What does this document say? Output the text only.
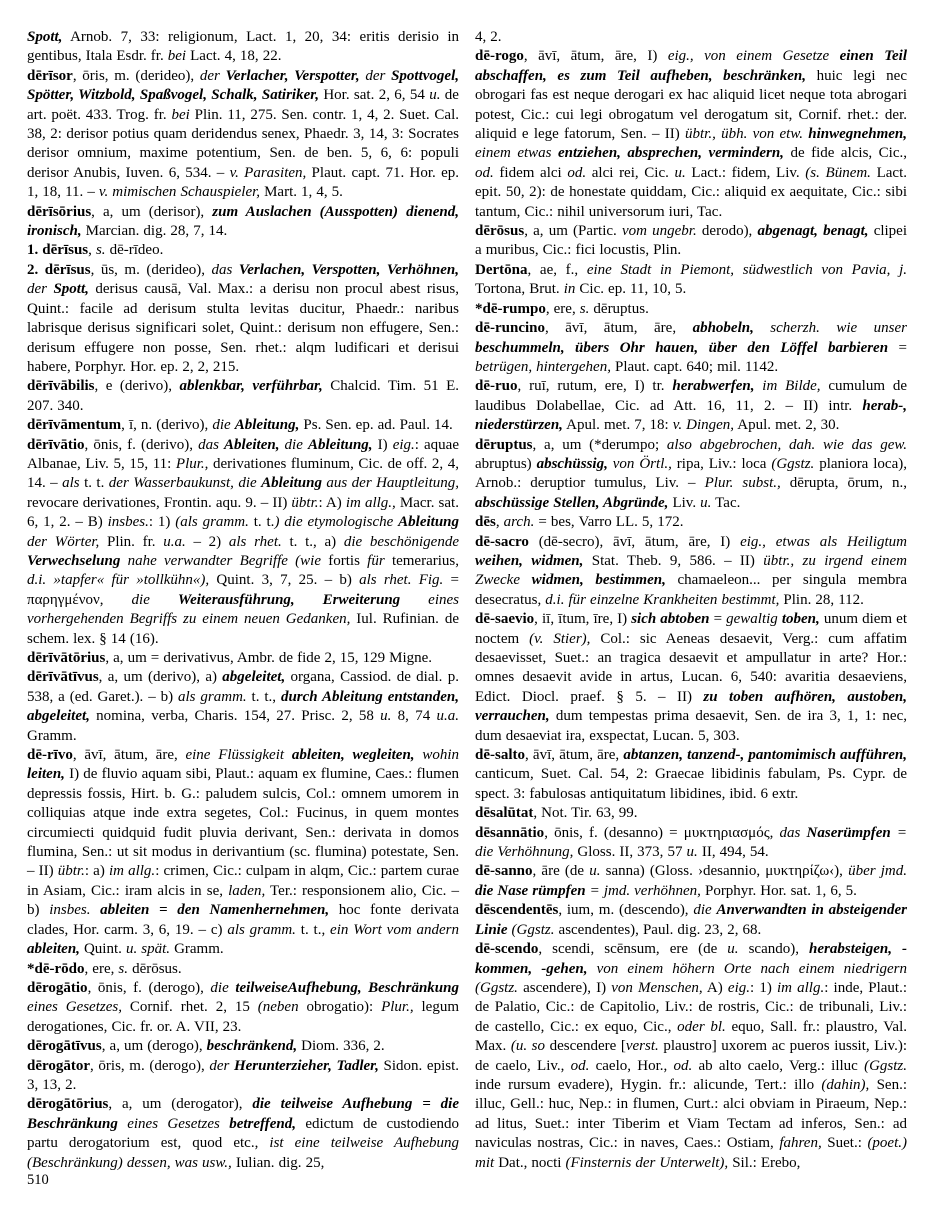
Spott, Arnob. 7, 33: religionum, Lact. 1, 20, 34: eritis derisio in gentibus, Itala Esdr. fr. bei Lact. 4, 18, 22.

dērīsor, ōris, m. (derideo), der Verlacher, Verspotter, der Spottvogel, Spötter, Witzbold, Spaßvogel, Schalk, Satiriker, Hor. sat. 2, 6, 54 u. de art. poët. 433. Trog. fr. bei Plin. 11, 275. Sen. contr. 1, 4, 2. Suet. Cal. 38, 2: derisor potius quam deridendus senex, Phaedr. 3, 14, 3: Socrates derisor omnium, maxime potentium, Sen. de ben. 5, 6, 6: populi derisor Anubis, Iuven. 6, 534. – v. Parasiten, Plaut. capt. 71. Hor. ep. 1, 18, 11. – v. mimischen Schauspieler, Mart. 1, 4, 5.

dērīsōrius, a, um (derisor), zum Auslachen (Ausspotten) dienend, ironisch, Marcian. dig. 28, 7, 14.

1. dērīsus, s. dē-rīdeo.

2. dērīsus, ūs, m. (derideo), das Verlachen, Verspotten, Verhöhnen, der Spott, derisus causā, Val. Max.: a derisu non procul abest risus, Quint.: facile ad derisum stulta levitas ducitur, Phaedr.: naribus labrisque derisus significari solet, Quint.: derisum non effugere, Sen.: derisum effugere non posse, Sen. rhet.: alqm ludificari et derisui habere, Porphyr. Hor. ep. 2, 2, 215.

dērīvābilis, e (derivo), ablenkbar, verführbar, Chalcid. Tim. 51 E. 207. 340.

dērīvāmentum, ī, n. (derivo), die Ableitung, Ps. Sen. ep. ad. Paul. 14.

dērīvātio, ōnis, f. (derivo), das Ableiten, die Ableitung, I) eig.: aquae Albanae, Liv. 5, 15, 11: Plur., derivationes fluminum, Cic. de off. 2, 4, 14. – als t. t. der Wasserbaukunst, die Ableitung aus der Hauptleitung, revocare derivationes, Frontin. aqu. 9. – II) übtr.: A) im allg., Macr. sat. 6, 1, 2. – B) insbes.: 1) (als gramm. t. t.) die etymologische Ableitung der Wörter, Plin. fr. u.a. – 2) als rhet. t. t., a) die beschönigende Verwechselung nahe verwandter Begriffe (wie fortis für temerarius, d.i. »tapfer« für »tollkühn«), Quint. 3, 7, 25. – b) als rhet. Fig. = παρηγμένον, die Weiterausführung, Erweiterung eines vorhergehenden Begriffs zu einem neuen Gedanken, Iul. Rufinian. de schem. lex. § 14 (16).

dērīvātōrius, a, um = derivativus, Ambr. de fide 2, 15, 129 Migne.

dērīvātīvus, a, um (derivo), a) abgeleitet, organa, Cassiod. de dial. p. 538, a (ed. Garet.). – b) als gramm. t. t., durch Ableitung entstanden, abgeleitet, nomina, verba, Charis. 154, 27. Prisc. 2, 58 u. 8, 74 u.a. Gramm.

dē-rīvo, āvī, ātum, āre, eine Flüssigkeit ableiten, wegleiten, wohin leiten, I) de fluvio aquam sibi, Plaut.: aquam ex flumine, Caes.: flumen depressis fossis, Hirt. b. G.: paludem sulcis, Col.: omnem umorem in colliquias atque inde extra segetes, Col.: Fucinus, in quem montes circumiecti quidquid fudit pluvia derivant, Sen.: derivata in domos flumina, Sen.: ut sit modus in derivantium (sc. flumina) potestate, Sen. – II) übtr.: a) im allg.: crimen, Cic.: culpam in alqm, Cic.: partem curae in Asiam, Cic.: iram alcis in se, laden, Ter.: responsionem alio, Cic. – b) insbes. ableiten = den Namenhernehmen, hoc fonte derivata clades, Hor. carm. 3, 6, 19. – c) als gramm. t. t., ein Wort vom andern ableiten, Quint. u. spät. Gramm.

*dē-rōdo, ere, s. dērōsus.

dērogātio, ōnis, f. (derogo), die teilweiseAufhebung, Beschränkung eines Gesetzes, Cornif. rhet. 2, 15 (neben obrogatio): Plur., legum derogationes, Cic. fr. or. A. VII, 23.

dērogātīvus, a, um (derogo), beschränkend, Diom. 336, 2.

dērogātor, ōris, m. (derogo), der Herunterzieher, Tadler, Sidon. epist. 3, 13, 2.

dērogātōrius, a, um (derogator), die teilweise Aufhebung = die Beschränkung eines Gesetzes betreffend, edictum de custodiendo partu derogatorium est, quod etc., ist eine teilweise Aufhebung (Beschränkung) dessen, was usw., Iulian. dig. 25,

4, 2.

dē-rogo, āvī, ātum, āre, I) eig., von einem Gesetze einen Teil abschaffen, es zum Teil aufheben, beschränken, huic legi nec obrogari fas est neque derogari ex hac aliquid licet neque tota abrogari potest, Cic.: cui legi obrogatum vel derogatum sit, Cornif. rhet.: der. aliquid e lege fatorum, Sen. – II) übtr., übh. von etw. hinwegnehmen, einem etwas entziehen, absprechen, vermindern, de fide alcis, Cic., od. fidem alci od. alci rei, Cic. u. Lact.: fidem, Liv. (s. Bünem. Lact. epit. 50, 2): de honestate quiddam, Cic.: aliquid ex aequitate, Cic.: sibi tantum, Cic.: nihil universorum iuri, Tac.

dērōsus, a, um (Partic. vom ungebr. derodo), abgenagt, benagt, clipei a muribus, Cic.: fici locustis, Plin.

Dertōna, ae, f., eine Stadt in Piemont, südwestlich von Pavia, j. Tortona, Brut. in Cic. ep. 11, 10, 5.

*dē-rumpo, ere, s. dēruptus.

dē-runcino, āvī, ātum, āre, abhobeln, scherzh. wie unser beschummeln, übers Ohr hauen, über den Löffel barbieren = betrügen, hintergehen, Plaut. capt. 640; mil. 1142.

dē-ruo, ruī, rutum, ere, I) tr. herabwerfen, im Bilde, cumulum de laudibus Dolabellae, Cic. ad Att. 16, 11, 2. – II) intr. herab-, niederstürzen, Apul. met. 7, 18: v. Dingen, Apul. met. 2, 30.

dēruptus, a, um (*derumpo; also abgebrochen, dah. wie das gew. abruptus) abschüssig, von Örtl., ripa, Liv.: loca (Ggstz. planiora loca), Arnob.: deruptior tumulus, Liv. – Plur. subst., dērupta, ōrum, n., abschüssige Stellen, Abgründe, Liv. u. Tac.

dēs, arch. = bes, Varro LL. 5, 172.

dē-sacro (dē-secro), āvī, ātum, āre, I) eig., etwas als Heiligtum weihen, widmen, Stat. Theb. 9, 586. – II) übtr., zu irgend einem Zwecke widmen, bestimmen, chamaeleon... per singula membra desecratus, d.i. für einzelne Krankheiten bestimmt, Plin. 28, 112.

dē-saevio, iī, ītum, īre, I) sich abtoben = gewaltig toben, unum diem et noctem (v. Stier), Col.: sic Aeneas desaevit, Verg.: cum affatim desaevisset, Suet.: an tragica desaevit et ampullatur in arte? Hor.: omnes desaevit avide in artus, Lucan. 6, 540: avaritia desaeviens, Edict. Diocl. praef. § 5. – II) zu toben aufhören, austoben, verrauchen, dum tempestas prima desaevit, Sen. de ira 3, 1, 1: nec, dum desaeviat ira, exspectat, Lucan. 5, 303.

dē-salto, āvī, ātum, āre, abtanzen, tanzend-, pantomimisch aufführen, canticum, Suet. Cal. 54, 2: Graecae libidinis fabulam, Ps. Cypr. de spect. 3: fabulosas antiquitatum libidines, ibid. 6 extr.

dēsalūtat, Not. Tir. 63, 99.

dēsannātio, ōnis, f. (desanno) = μυκτηριασμός, das Naserümpfen = die Verhöhnung, Gloss. II, 373, 57 u. II, 494, 54.

dē-sanno, āre (de u. sanna) (Gloss. ›desannio, μυκτηρίζω‹), über jmd. die Nase rümpfen = jmd. verhöhnen, Porphyr. Hor. sat. 1, 6, 5.

dēscendentēs, ium, m. (descendo), die Anverwandten in absteigender Linie (Ggstz. ascendentes), Paul. dig. 23, 2, 68.

dē-scendo, scendi, scēnsum, ere (de u. scando), herabsteigen, -kommen, -gehen, von einem höhern Orte nach einem niedrigern (Ggstz. ascendere), I) von Menschen, A) eig.: 1) im allg.: inde, Plaut.: de Palatio, Cic.: de Capitolio, Liv.: de rostris, Cic.: de tribunali, Liv.: de castello, Cic.: ex equo, Cic., oder bl. equo, Sall. fr.: plaustro, Val. Max. (u. so descendere [verst. plaustro] uxorem ac pueros iussit, Liv.): de caelo, Liv., od. caelo, Hor., od. ab alto caelo, Verg.: illuc (Ggstz. inde rursum evadere), Hygin. fr.: alicunde, Tert.: illo (dahin), Sen.: illuc, Gell.: huc, Nep.: in flumen, Curt.: alci obviam in Piraeum, Nep.: ad litus, Suet.: inter Tiberim et Viam Tectam ad inferos, Sen.: ad naviculas nostras, Cic.: in naves, Caes.: Ostiam, fahren, Suet.: (poet.) mit Dat., nocti (Finsternis der Unterwelt), Sil.: Erebo,

510
